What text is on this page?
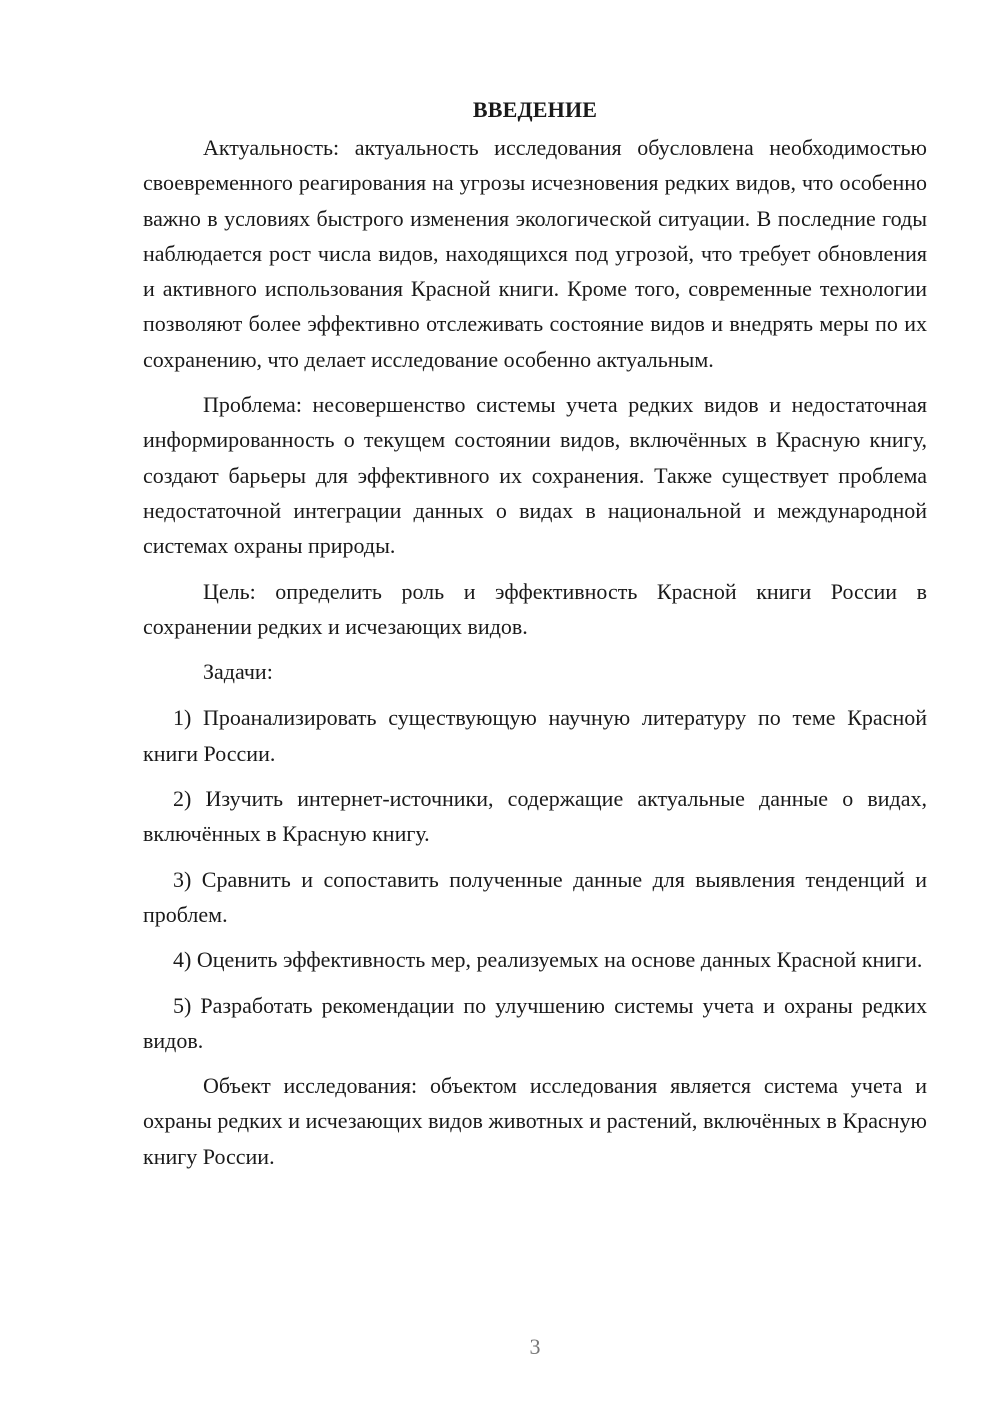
ВВЕДЕНИЕ

Актуальность: актуальность исследования обусловлена необходимостью своевременного реагирования на угрозы исчезновения редких видов, что особенно важно в условиях быстрого изменения экологической ситуации. В последние годы наблюдается рост числа видов, находящихся под угрозой, что требует обновления и активного использования Красной книги. Кроме того, современные технологии позволяют более эффективно отслеживать состояние видов и внедрять меры по их сохранению, что делает исследование особенно актуальным.

Проблема: несовершенство системы учета редких видов и недостаточная информированность о текущем состоянии видов, включённых в Красную книгу, создают барьеры для эффективного их сохранения. Также существует проблема недостаточной интеграции данных о видах в национальной и международной системах охраны природы.

Цель: определить роль и эффективность Красной книги России в сохранении редких и исчезающих видов.

Задачи:

1) Проанализировать существующую научную литературу по теме Красной книги России.

2) Изучить интернет-источники, содержащие актуальные данные о видах, включённых в Красную книгу.

3) Сравнить и сопоставить полученные данные для выявления тенденций и проблем.

4) Оценить эффективность мер, реализуемых на основе данных Красной книги.

5) Разработать рекомендации по улучшению системы учета и охраны редких видов.

Объект исследования: объектом исследования является система учета и охраны редких и исчезающих видов животных и растений, включённых в Красную книгу России.

3
